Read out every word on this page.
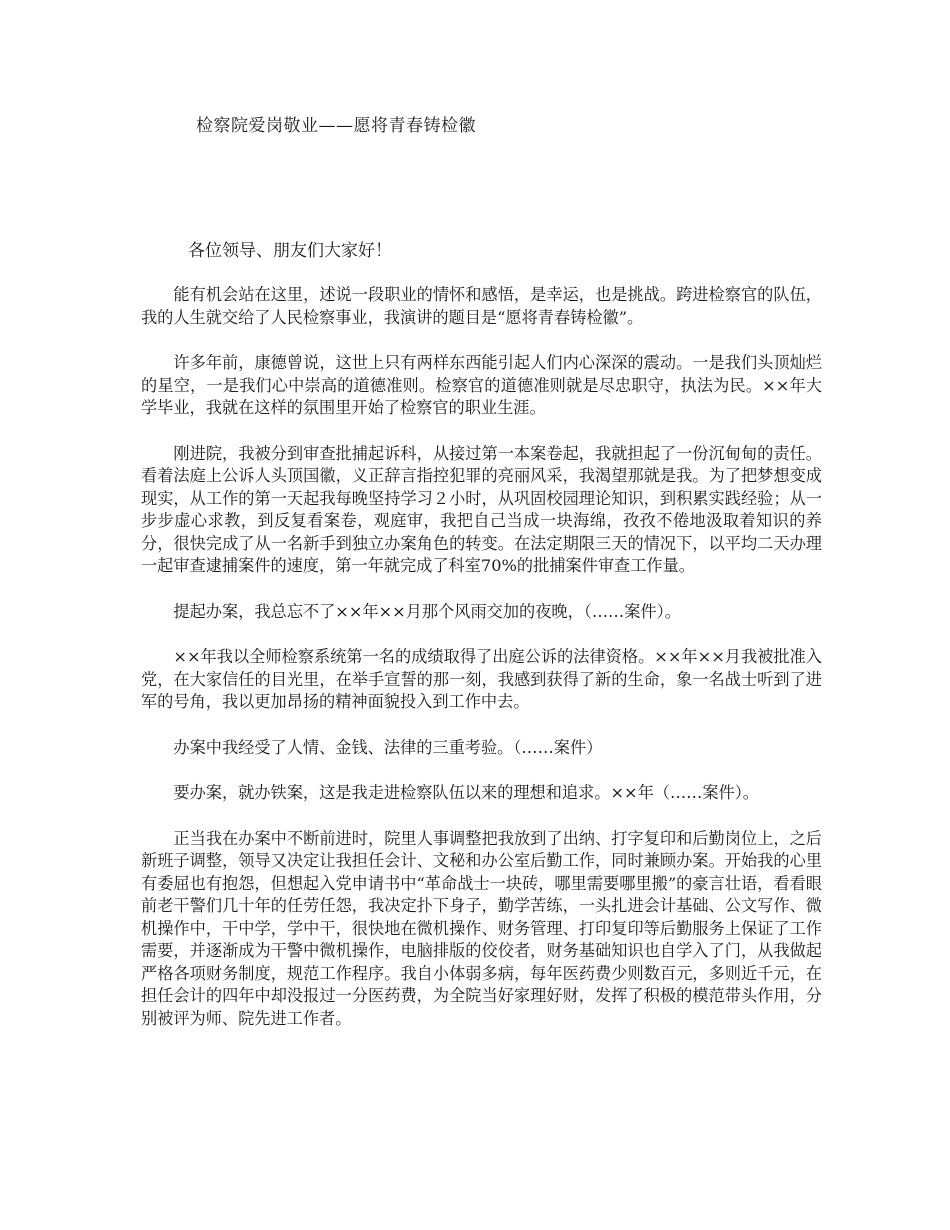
检察院爱岗敬业——愿将青春铸检徽
各位领导、朋友们大家好！

能有机会站在这里，述说一段职业的情怀和感悟，是幸运，也是挑战。跨进检察官的队伍，我的人生就交给了人民检察事业，我演讲的题目是“愿将青春铸检徽”。

许多年前，康德曾说，这世上只有两样东西能引起人们内心深深的震动。一是我们头顶灿烂的星空，一是我们心中崇高的道德准则。检察官的道德准则就是尽忠职守，执法为民。××年大学毕业，我就在这样的氛围里开始了检察官的职业生涯。

刚进院，我被分到审查批捕起诉科，从接过第一本案卷起，我就担起了一份沉甸甸的责任。看着法庭上公诉人头顶国徽，义正辞言指控犯罪的亮丽风采，我渴望那就是我。为了把梦想变成现实，从工作的第一天起我每晚坚持学习２小时，从巩固校园理论知识，到积累实践经验；从一步步虚心求教，到反复看案卷，观庭审，我把自己当成一块海绵，孜孜不倦地汲取着知识的养分，很快完成了从一名新手到独立办案角色的转变。在法定期限三天的情况下，以平均二天办理一起审查逮捕案件的速度，第一年就完成了科室70%的批捕案件审查工作量。

提起办案，我总忘不了××年××月那个风雨交加的夜晚，（……案件）。

××年我以全师检察系统第一名的成绩取得了出庭公诉的法律资格。××年××月我被批准入党，在大家信任的目光里，在举手宣誓的那一刻，我感到获得了新的生命，象一名战士听到了进军的号角，我以更加昂扬的精神面貌投入到工作中去。

办案中我经受了人情、金钱、法律的三重考验。（……案件）

要办案，就办铁案，这是我走进检察队伍以来的理想和追求。××年（……案件）。

正当我在办案中不断前进时，院里人事调整把我放到了出纳、打字复印和后勤岗位上，之后新班子调整，领导又决定让我担任会计、文秘和办公室后勤工作，同时兼顾办案。开始我的心里有委屈也有抱怨，但想起入党申请书中“革命战士一块砖，哪里需要哪里搬”的豪言壮语，看看眼前老干警们几十年的任劳任怨，我决定扑下身子，勤学苦练，一头扎进会计基础、公文写作、微机操作中，干中学，学中干，很快地在微机操作、财务管理、打印复印等后勤服务上保证了工作需要，并逐渐成为干警中微机操作，电脑排版的佼佼者，财务基础知识也自学入了门，从我做起严格各项财务制度，规范工作程序。我自小体弱多病，每年医药费少则数百元，多则近千元，在担任会计的四年中却没报过一分医药费，为全院当好家理好财，发挥了积极的模范带头作用，分别被评为师、院先进工作者。
